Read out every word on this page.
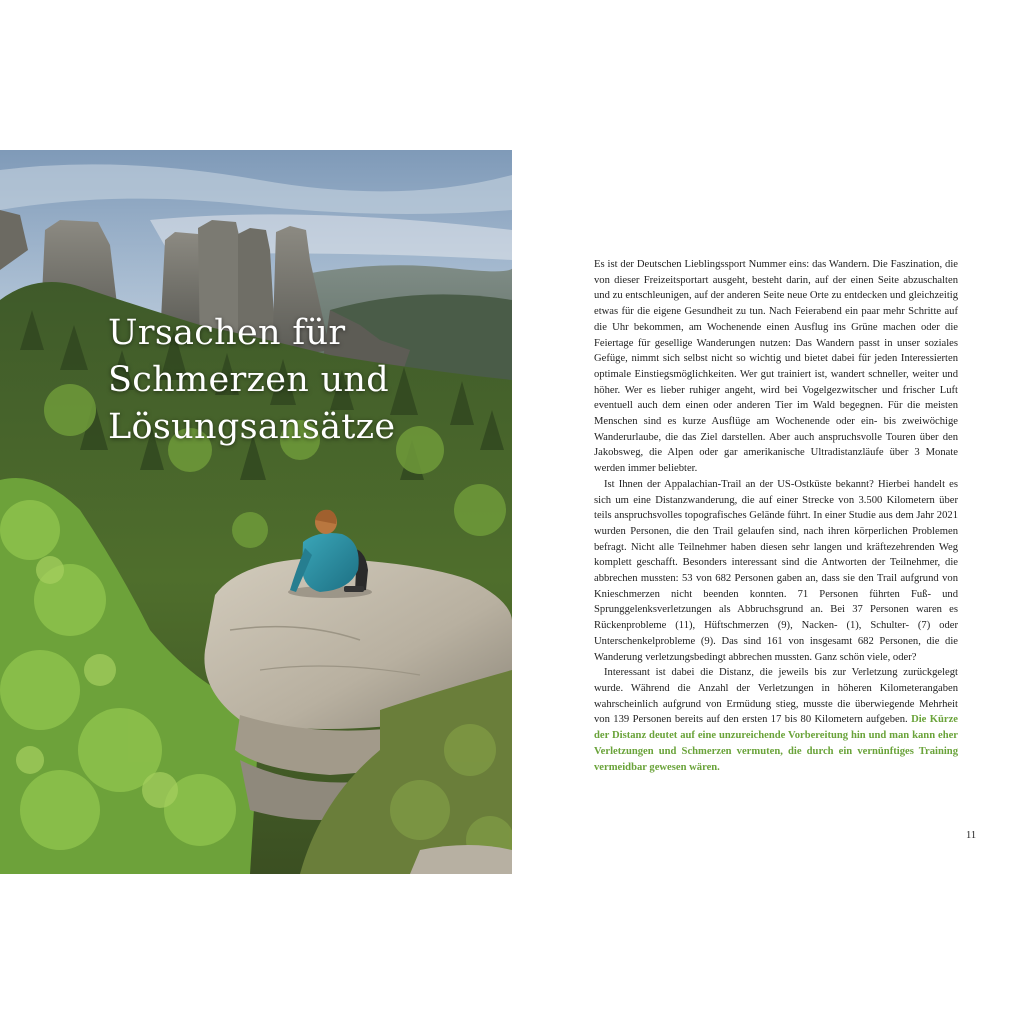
Ursachen für
Schmerzen und
Lösungsansätze

Es ist der Deutschen Lieblingssport Nummer eins: das Wandern. Die Faszination, die von dieser Freizeitsportart ausgeht, besteht darin, auf der einen Seite abzuschalten und zu entschleunigen, auf der anderen Seite neue Orte zu entdecken und gleichzeitig etwas für die eigene Gesundheit zu tun. Nach Feierabend ein paar mehr Schritte auf die Uhr bekommen, am Wochenende einen Ausflug ins Grüne machen oder die Feiertage für gesellige Wanderungen nutzen: Das Wandern passt in unser soziales Gefüge, nimmt sich selbst nicht so wichtig und bietet dabei für jeden Interessierten optimale Einstiegsmöglichkeiten. Wer gut trainiert ist, wandert schneller, weiter und höher. Wer es lieber ruhiger angeht, wird bei Vogelgezwitscher und frischer Luft eventuell auch dem einen oder anderen Tier im Wald begegnen. Für die meisten Menschen sind es kurze Ausflüge am Wochenende oder ein- bis zweiwöchige Wanderurlaube, die das Ziel darstellen. Aber auch anspruchsvolle Touren über den Jakobsweg, die Alpen oder gar amerikanische Ultradistanzläufe über 3 Monate werden immer beliebter.

Ist Ihnen der Appalachian-Trail an der US-Ostküste bekannt? Hierbei handelt es sich um eine Distanzwanderung, die auf einer Strecke von 3.500 Kilometern über teils anspruchsvolles topografisches Gelände führt. In einer Studie aus dem Jahr 2021 wurden Personen, die den Trail gelaufen sind, nach ihren körperlichen Problemen befragt. Nicht alle Teilnehmer haben diesen sehr langen und kräftezehrenden Weg komplett geschafft. Besonders interessant sind die Antworten der Teilnehmer, die abbrechen mussten: 53 von 682 Personen gaben an, dass sie den Trail aufgrund von Knieschmerzen nicht beenden konnten. 71 Personen führten Fuß- und Sprunggelenksverletzungen als Abbruchsgrund an. Bei 37 Personen waren es Rückenprobleme (11), Hüftschmerzen (9), Nacken- (1), Schulter- (7) oder Unterschenkelprobleme (9). Das sind 161 von insgesamt 682 Personen, die die Wanderung verletzungsbedingt abbrechen mussten. Ganz schön viele, oder?

Interessant ist dabei die Distanz, die jeweils bis zur Verletzung zurückgelegt wurde. Während die Anzahl der Verletzungen in höheren Kilometerangaben wahrscheinlich aufgrund von Ermüdung stieg, musste die überwiegende Mehrheit von 139 Personen bereits auf den ersten 17 bis 80 Kilometern aufgeben. Die Kürze der Distanz deutet auf eine unzureichende Vorbereitung hin und man kann eher Verletzungen und Schmerzen vermuten, die durch ein vernünftiges Training vermeidbar gewesen wären.

11
